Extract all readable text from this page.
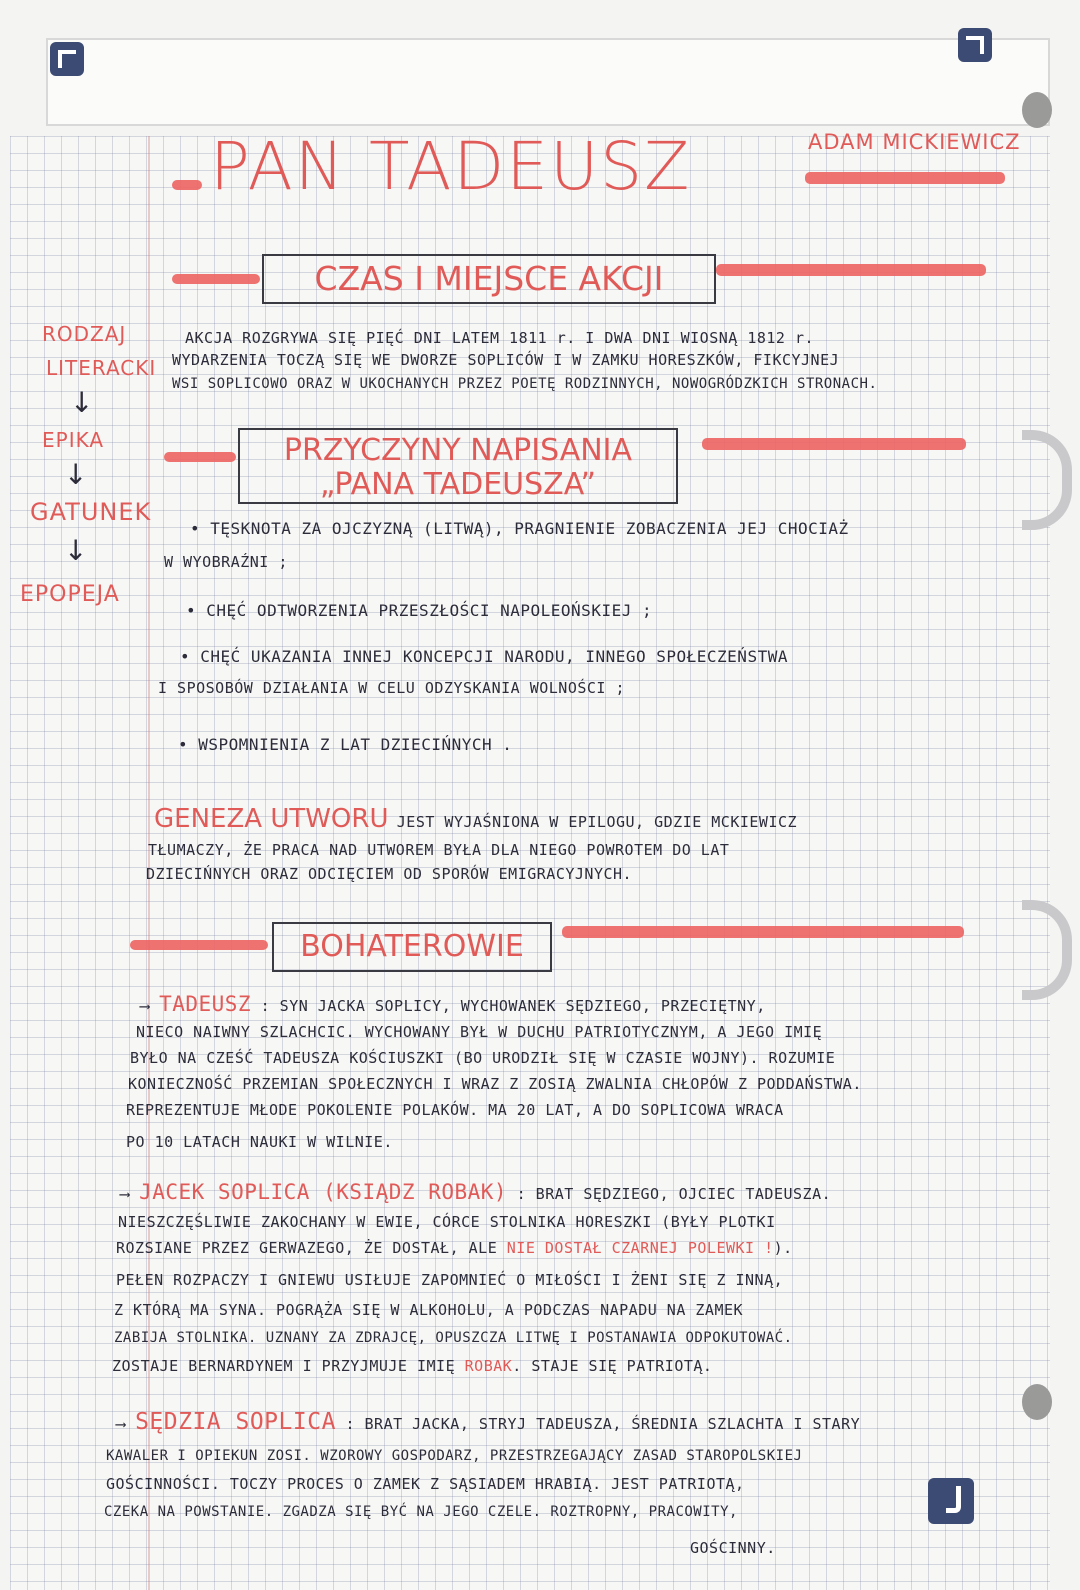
PAN TADEUSZ	ADAM MICKIEWICZ
RODZAJ
LITERACKI
↓
EPIKA
↓
GATUNEK
↓
EPOPEJA
CZAS I MIEJSCE AKCJI
AKCJA ROZGRYWA SIĘ PIĘĆ DNI LATEM 1811 r. I DWA DNI WIOSNĄ 1812 r.
WYDARZENIA TOCZĄ SIĘ WE DWORZE SOPLICÓW I W ZAMKU HORESZKÓW, FIKCYJNEJ
WSI SOPLICOWO ORAZ W UKOCHANYCH PRZEZ POETĘ RODZINNYCH, NOWOGRÓDZKICH STRONACH.
PRZYCZYNY NAPISANIA
„PANA TADEUSZA”
• TĘSKNOTA ZA OJCZYZNĄ (LITWĄ), PRAGNIENIE ZOBACZENIA JEJ CHOCIAŻ
W WYOBRAŹNI ;
• CHĘĆ ODTWORZENIA PRZESZŁOŚCI NAPOLEOŃSKIEJ ;
• CHĘĆ UKAZANIA INNEJ KONCEPCJI NARODU, INNEGO SPOŁECZEŃSTWA
I SPOSOBÓW DZIAŁANIA W CELU ODZYSKANIA WOLNOŚCI ;
• WSPOMNIENIA Z LAT DZIECIŃNYCH .
GENEZA UTWORU JEST WYJAŚNIONA W EPILOGU, GDZIE MCKIEWICZ
TŁUMACZY, ŻE PRACA NAD UTWOREM BYŁA DLA NIEGO POWROTEM DO LAT
DZIECIŃNYCH ORAZ ODCIĘCIEM OD SPORÓW EMIGRACYJNYCH.
BOHATEROWIE
⟶ TADEUSZ : SYN JACKA SOPLICY, WYCHOWANEK SĘDZIEGO, PRZECIĘTNY,
NIECO NAIWNY SZLACHCIC. WYCHOWANY BYŁ W DUCHU PATRIOTYCZNYM, A JEGO IMIĘ
BYŁO NA CZEŚĆ TADEUSZA KOŚCIUSZKI (BO URODZIŁ SIĘ W CZASIE WOJNY). ROZUMIE
KONIECZNOŚĆ PRZEMIAN SPOŁECZNYCH I WRAZ Z ZOSIĄ ZWALNIA CHŁOPÓW Z PODDAŃSTWA.
REPREZENTUJE MŁODE POKOLENIE POLAKÓW. MA 20 LAT, A DO SOPLICOWA WRACA
PO 10 LATACH NAUKI W WILNIE.
⟶ JACEK SOPLICA (KSIĄDZ ROBAK) : BRAT SĘDZIEGO, OJCIEC TADEUSZA.
NIESZCZĘŚLIWIE ZAKOCHANY W EWIE, CÓRCE STOLNIKA HORESZKI (BYŁY PLOTKI
ROZSIANE PRZEZ GERWAZEGO, ŻE DOSTAŁ, ALE NIE DOSTAŁ CZARNEJ POLEWKI !).
PEŁEN ROZPACZY I GNIEWU USIŁUJE ZAPOMNIEĆ O MIŁOŚCI I ŻENI SIĘ Z INNĄ,
Z KTÓRĄ MA SYNA. POGRĄŻA SIĘ W ALKOHOLU, A PODCZAS NAPADU NA ZAMEK
ZABIJA STOLNIKA. UZNANY ZA ZDRAJCĘ, OPUSZCZA LITWĘ I POSTANAWIA ODPOKUTOWAĆ.
ZOSTAJE BERNARDYNEM I PRZYJMUJE IMIĘ ROBAK. STAJE SIĘ PATRIOTĄ.
⟶ SĘDZIA SOPLICA : BRAT JACKA, STRYJ TADEUSZA, ŚREDNIA SZLACHTA I STARY
KAWALER I OPIEKUN ZOSI. WZOROWY GOSPODARZ, PRZESTRZEGAJĄCY ZASAD STAROPOLSKIEJ
GOŚCINNOŚCI. TOCZY PROCES O ZAMEK Z SĄSIADEM HRABIĄ. JEST PATRIOTĄ,
CZEKA NA POWSTANIE. ZGADZA SIĘ BYĆ NA JEGO CZELE. ROZTROPNY, PRACOWITY,
GOŚCINNY.
